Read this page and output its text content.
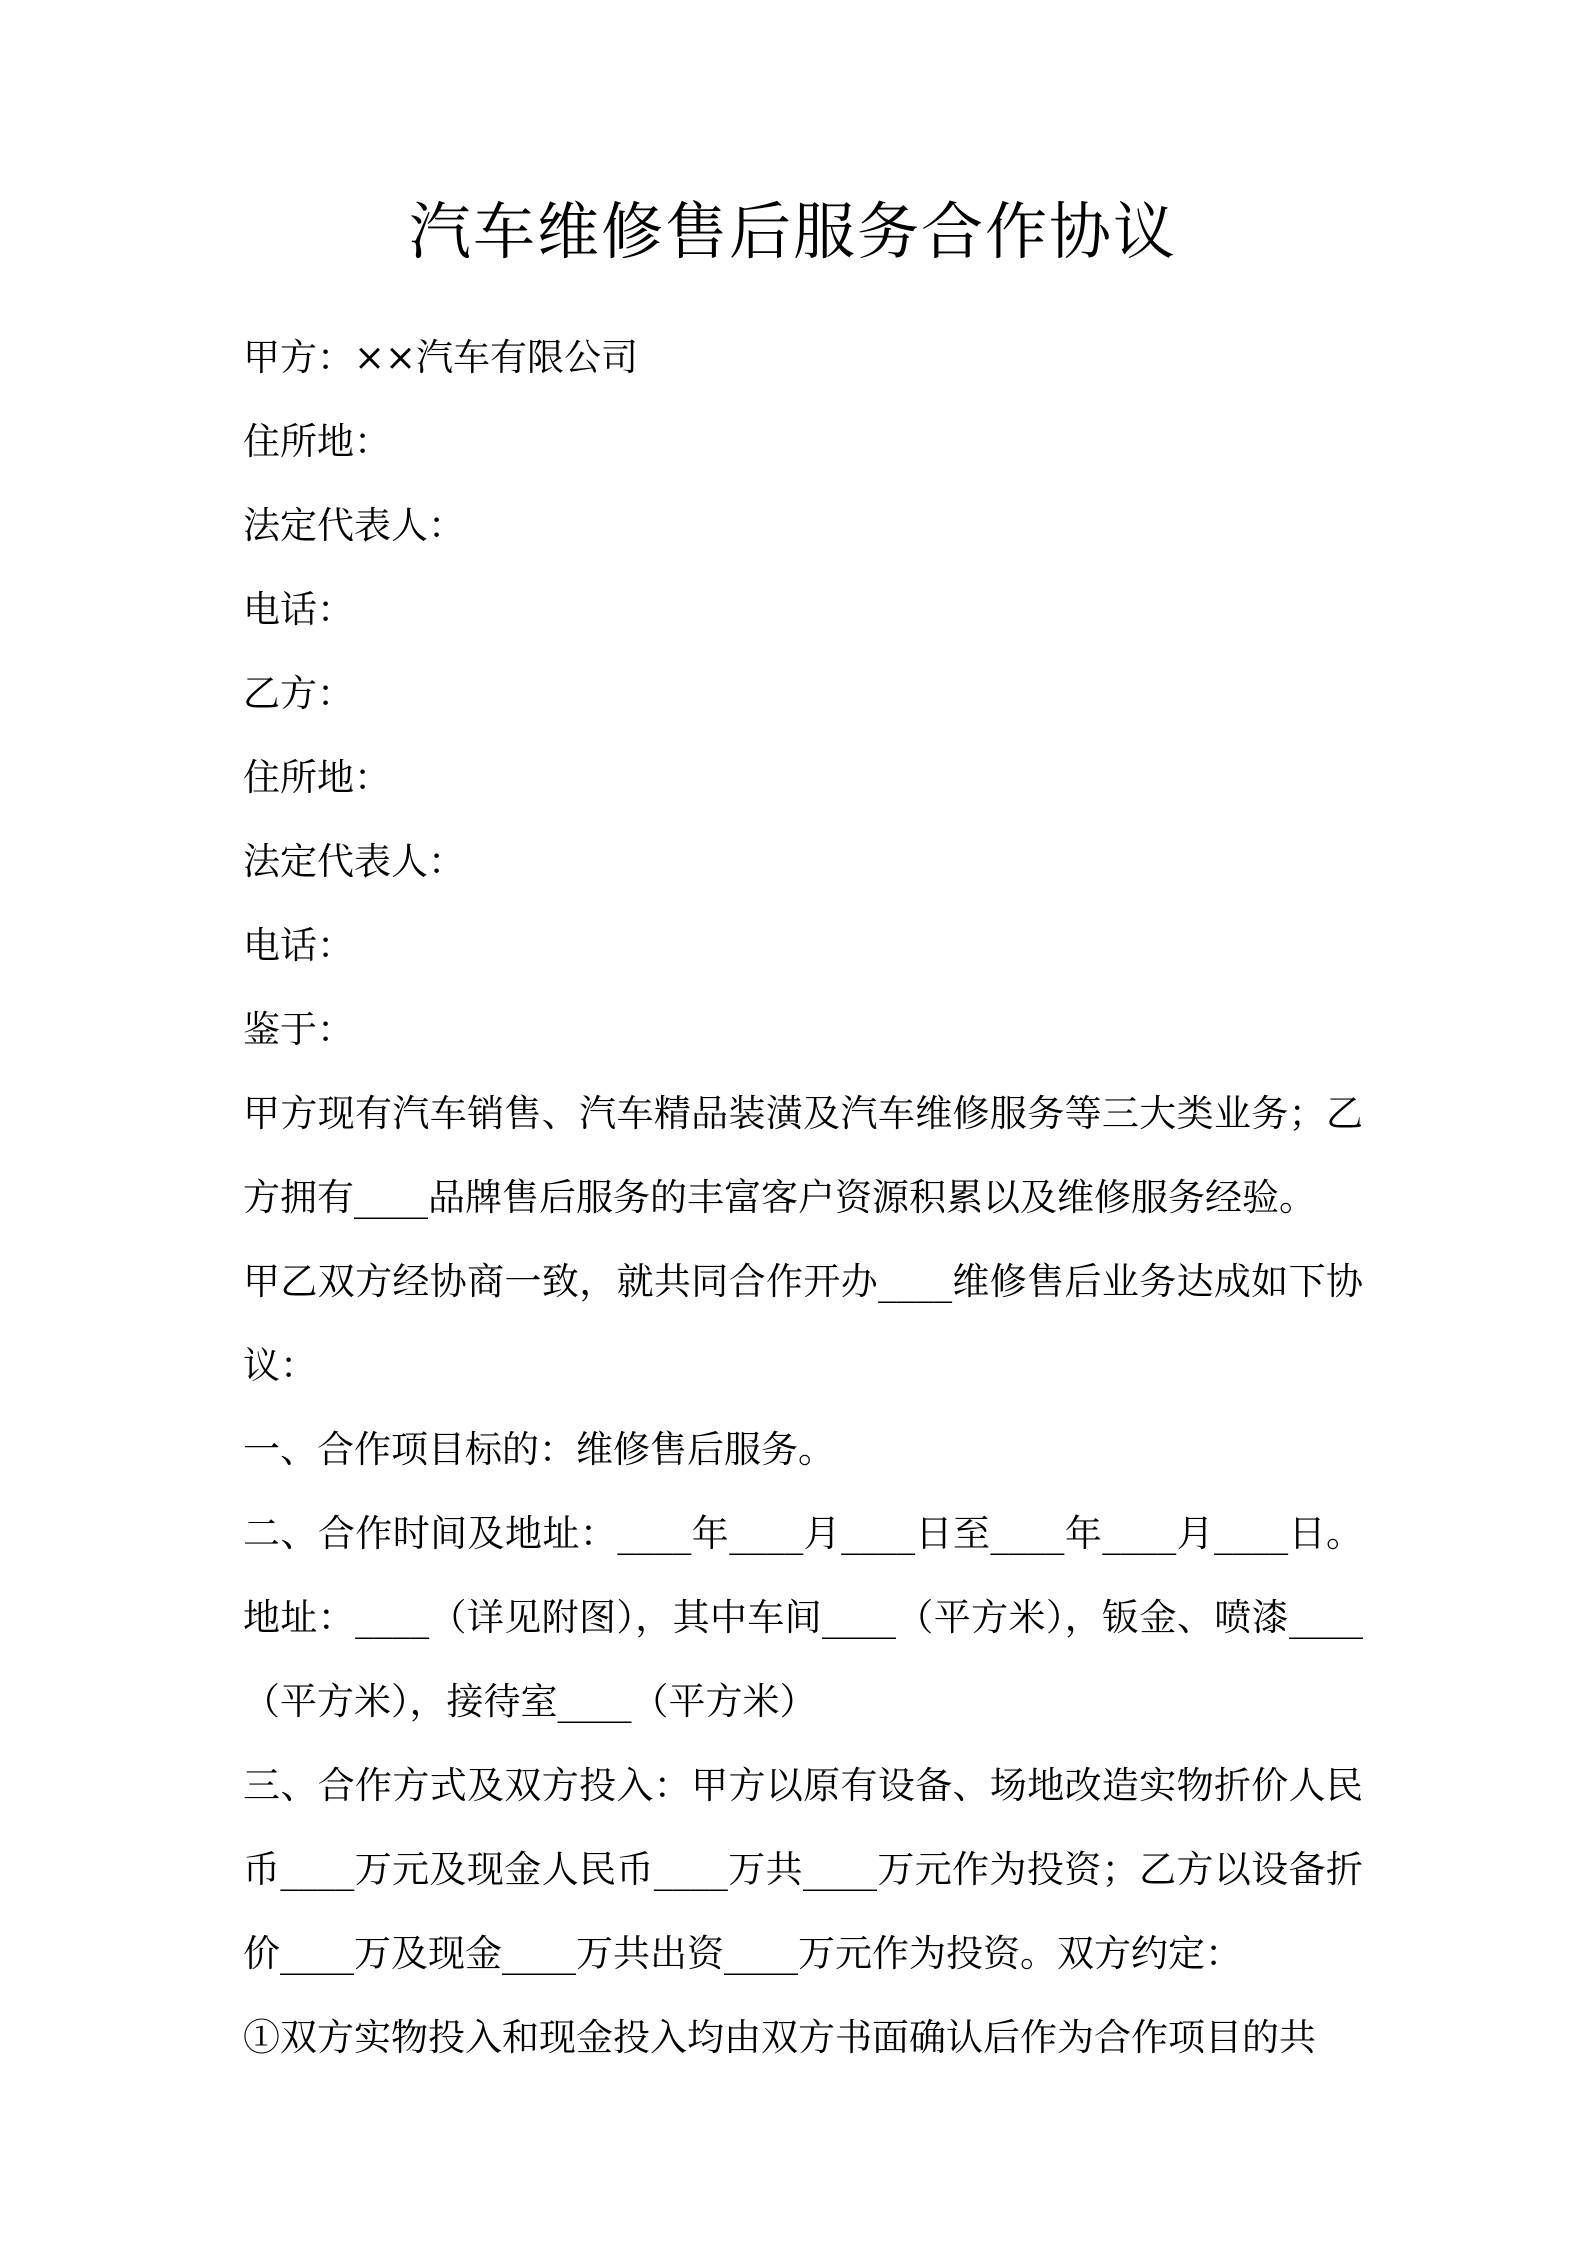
汽车维修售后服务合作协议
甲方：××汽车有限公司
住所地：
法定代表人：
电话：
乙方：
住所地：
法定代表人：
电话：
鉴于：
甲方现有汽车销售、汽车精品装潢及汽车维修服务等三大类业务；乙
方拥有____品牌售后服务的丰富客户资源积累以及维修服务经验。
甲乙双方经协商一致，就共同合作开办____维修售后业务达成如下协
议：
一、合作项目标的：维修售后服务。
二、合作时间及地址：____年____月____日至____年____月____日。
地址：____（详见附图），其中车间____（平方米），钣金、喷漆____
（平方米），接待室____（平方米）
三、合作方式及双方投入：甲方以原有设备、场地改造实物折价人民
币____万元及现金人民币____万共____万元作为投资；乙方以设备折
价____万及现金____万共出资____万元作为投资。双方约定：
①双方实物投入和现金投入均由双方书面确认后作为合作项目的共
